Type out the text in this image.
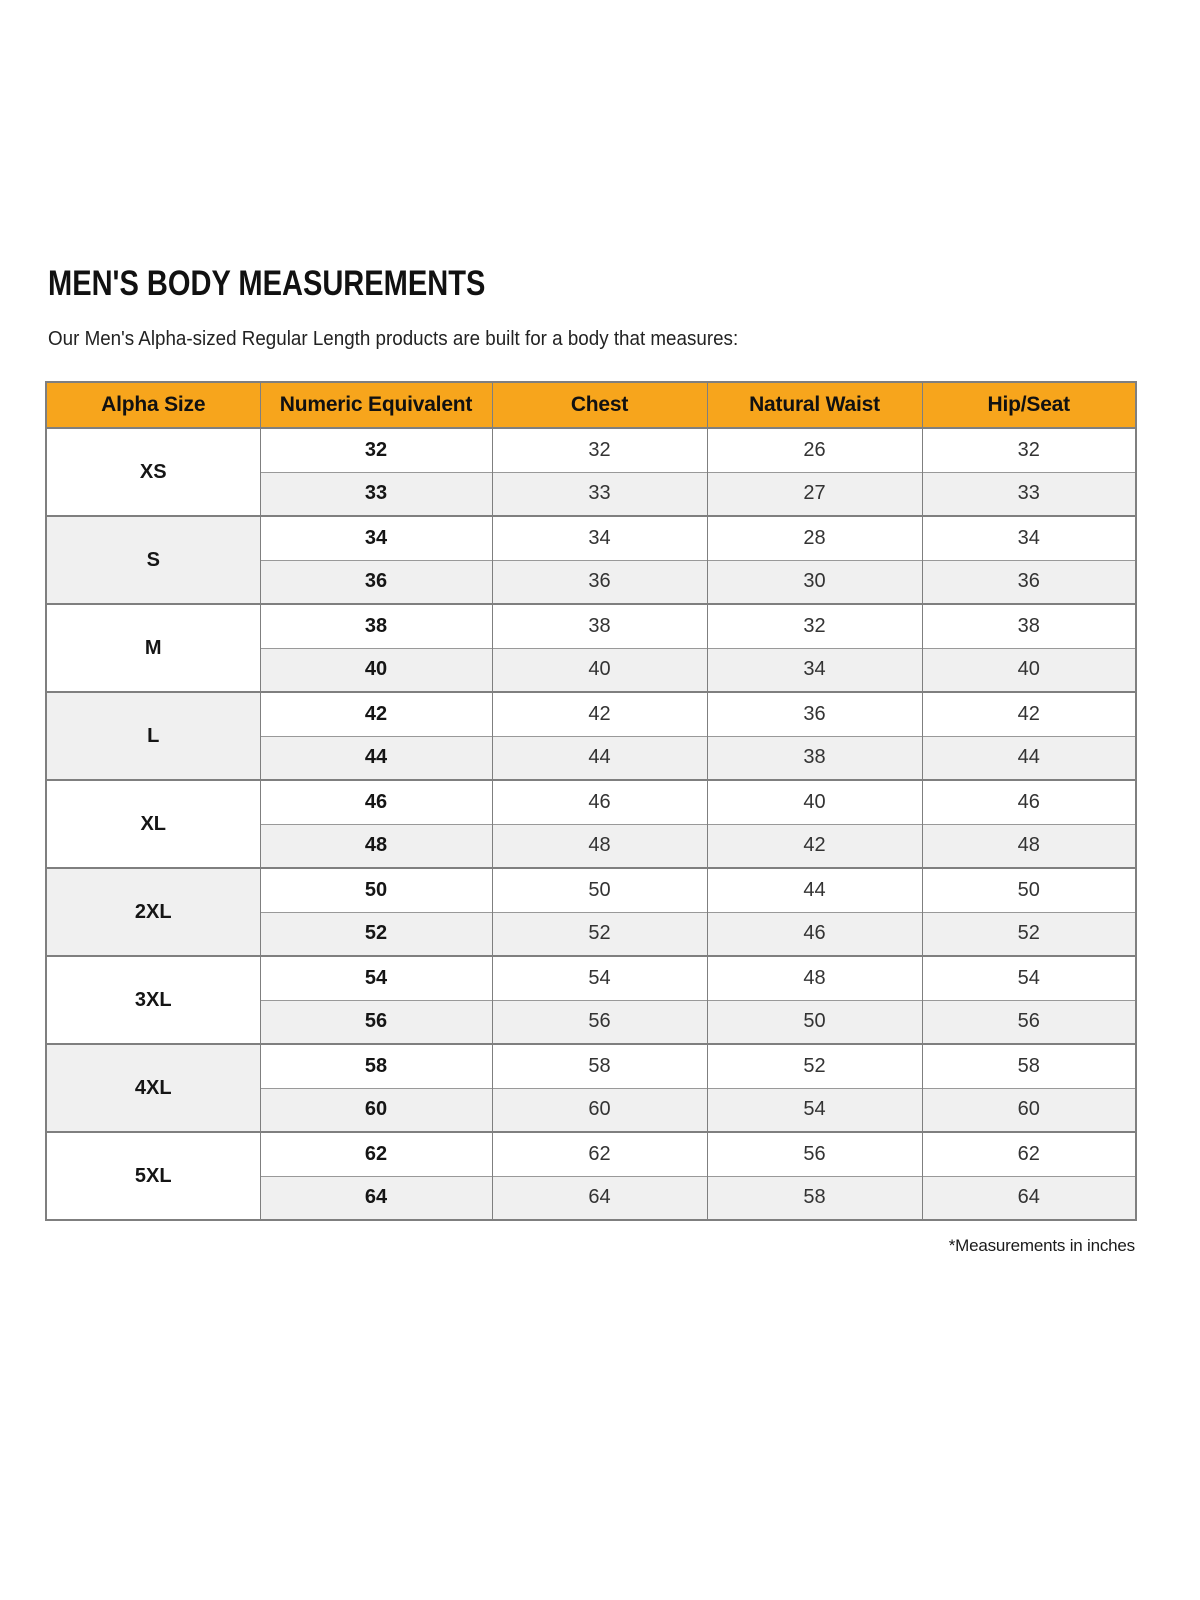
MEN'S BODY MEASUREMENTS

Our Men's Alpha-sized Regular Length products are built for a body that measures:

Alpha Size	Numeric Equivalent	Chest	Natural Waist	Hip/Seat
XS	32	32	26	32
	33	33	27	33
S	34	34	28	34
	36	36	30	36
M	38	38	32	38
	40	40	34	40
L	42	42	36	42
	44	44	38	44
XL	46	46	40	46
	48	48	42	48
2XL	50	50	44	50
	52	52	46	52
3XL	54	54	48	54
	56	56	50	56
4XL	58	58	52	58
	60	60	54	60
5XL	62	62	56	62
	64	64	58	64
*Measurements in inches
